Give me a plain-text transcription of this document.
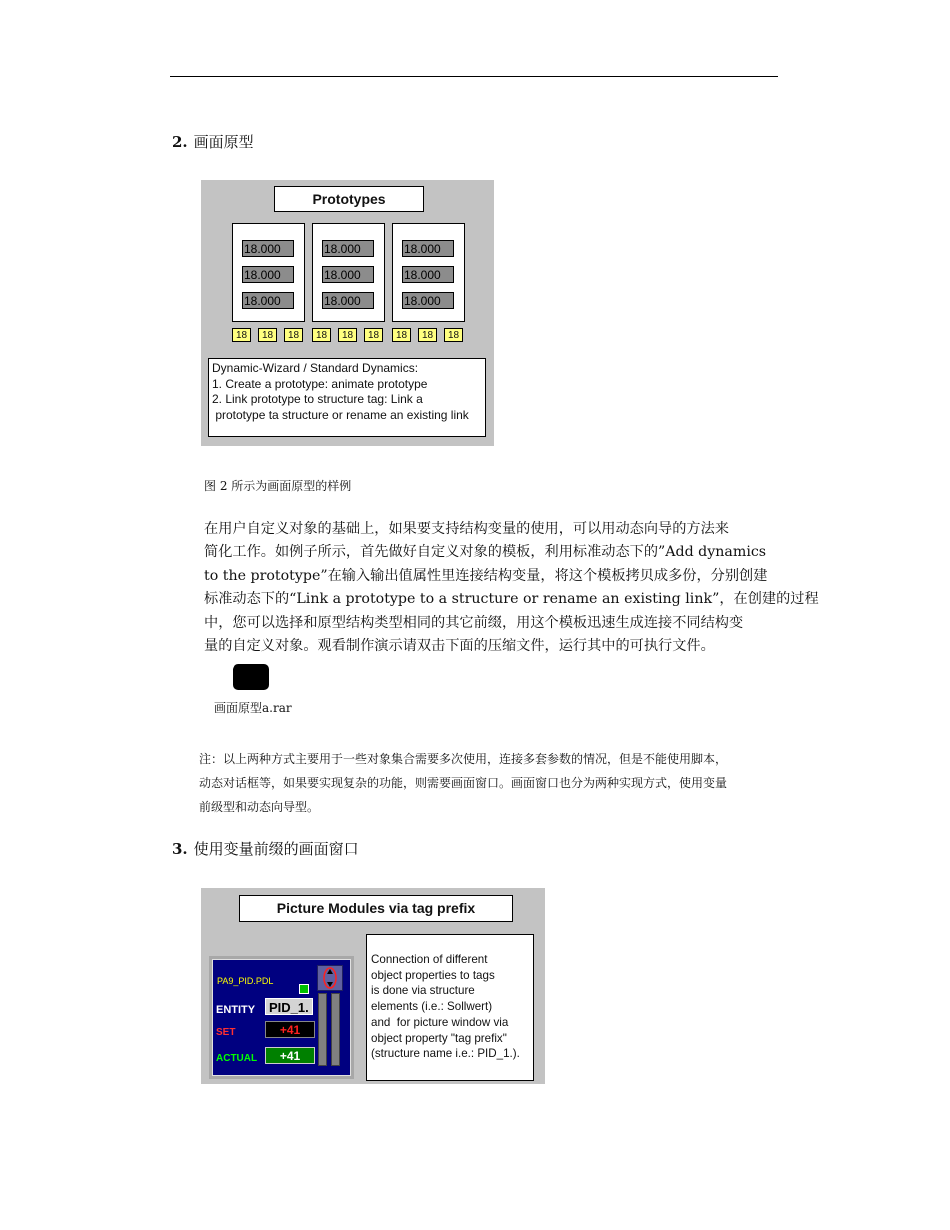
2. 画面原型
Prototypes
18.000
18.000
18.000
18.000
18.000
18.000
18.000
18.000
18.000
18	18	18	18	18	18	18	18	18
Dynamic-Wizard / Standard Dynamics:
1. Create a prototype: animate prototype
2. Link prototype to structure tag: Link a
prototype ta structure or rename an existing link
图 2 所示为画面原型的样例
在用户自定义对象的基础上，如果要支持结构变量的使用，可以用动态向导的方法来
简化工作。如例子所示，首先做好自定义对象的模板，利用标准动态下的”Add dynamics
to the prototype”在输入输出值属性里连接结构变量，将这个模板拷贝成多份，分别创建
标准动态下的“Link a prototype to a structure or rename an existing link”，在创建的过程
中，您可以选择和原型结构类型相同的其它前缀，用这个模板迅速生成连接不同结构变
量的自定义对象。观看制作演示请双击下面的压缩文件，运行其中的可执行文件。
画面原型a.rar
注：以上两种方式主要用于一些对象集合需要多次使用，连接多套参数的情况，但是不能使用脚本，
动态对话框等，如果要实现复杂的功能，则需要画面窗口。画面窗口也分为两种实现方式，使用变量
前级型和动态向导型。
3. 使用变量前缀的画面窗口
Picture Modules via tag prefix
PA9_PID.PDL
ENTITY	PID_1.
SET	+41
ACTUAL	+41
Connection of different
object properties to tags
is done via structure
elements (i.e.: Sollwert)
and  for picture window via
object property "tag prefix"
(structure name i.e.: PID_1.).
